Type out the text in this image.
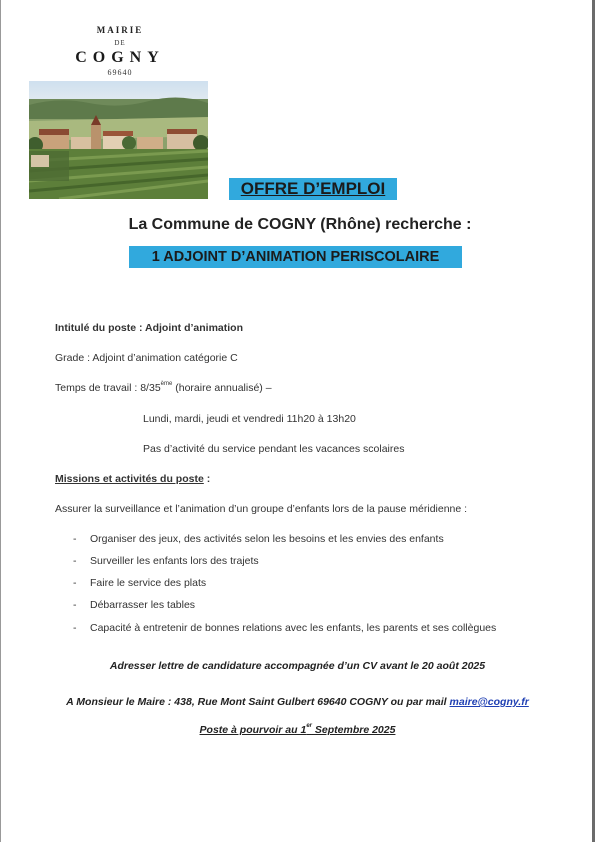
MAIRIE
DE
COGNY
69640
OFFRE D’EMPLOI
La Commune de COGNY (Rhône) recherche :
1 ADJOINT D’ANIMATION PERISCOLAIRE
Intitulé du poste : Adjoint d’animation
Grade : Adjoint d’animation catégorie C
Temps de travail : 8/35ème (horaire annualisé) –
Lundi, mardi, jeudi et vendredi 11h20 à 13h20
Pas d’activité du service pendant les vacances scolaires
Missions et activités du poste :
Assurer la surveillance et l’animation d’un groupe d’enfants lors de la pause méridienne :
- Organiser des jeux, des activités selon les besoins et les envies des enfants
- Surveiller les enfants lors des trajets
- Faire le service des plats
- Débarrasser les tables
- Capacité à entretenir de bonnes relations avec les enfants, les parents et ses collègues
Adresser lettre de candidature accompagnée d’un CV avant le 20 août 2025
A Monsieur le Maire : 438, Rue Mont Saint Gulbert 69640 COGNY ou par mail maire@cogny.fr
Poste à pourvoir au 1er Septembre 2025
